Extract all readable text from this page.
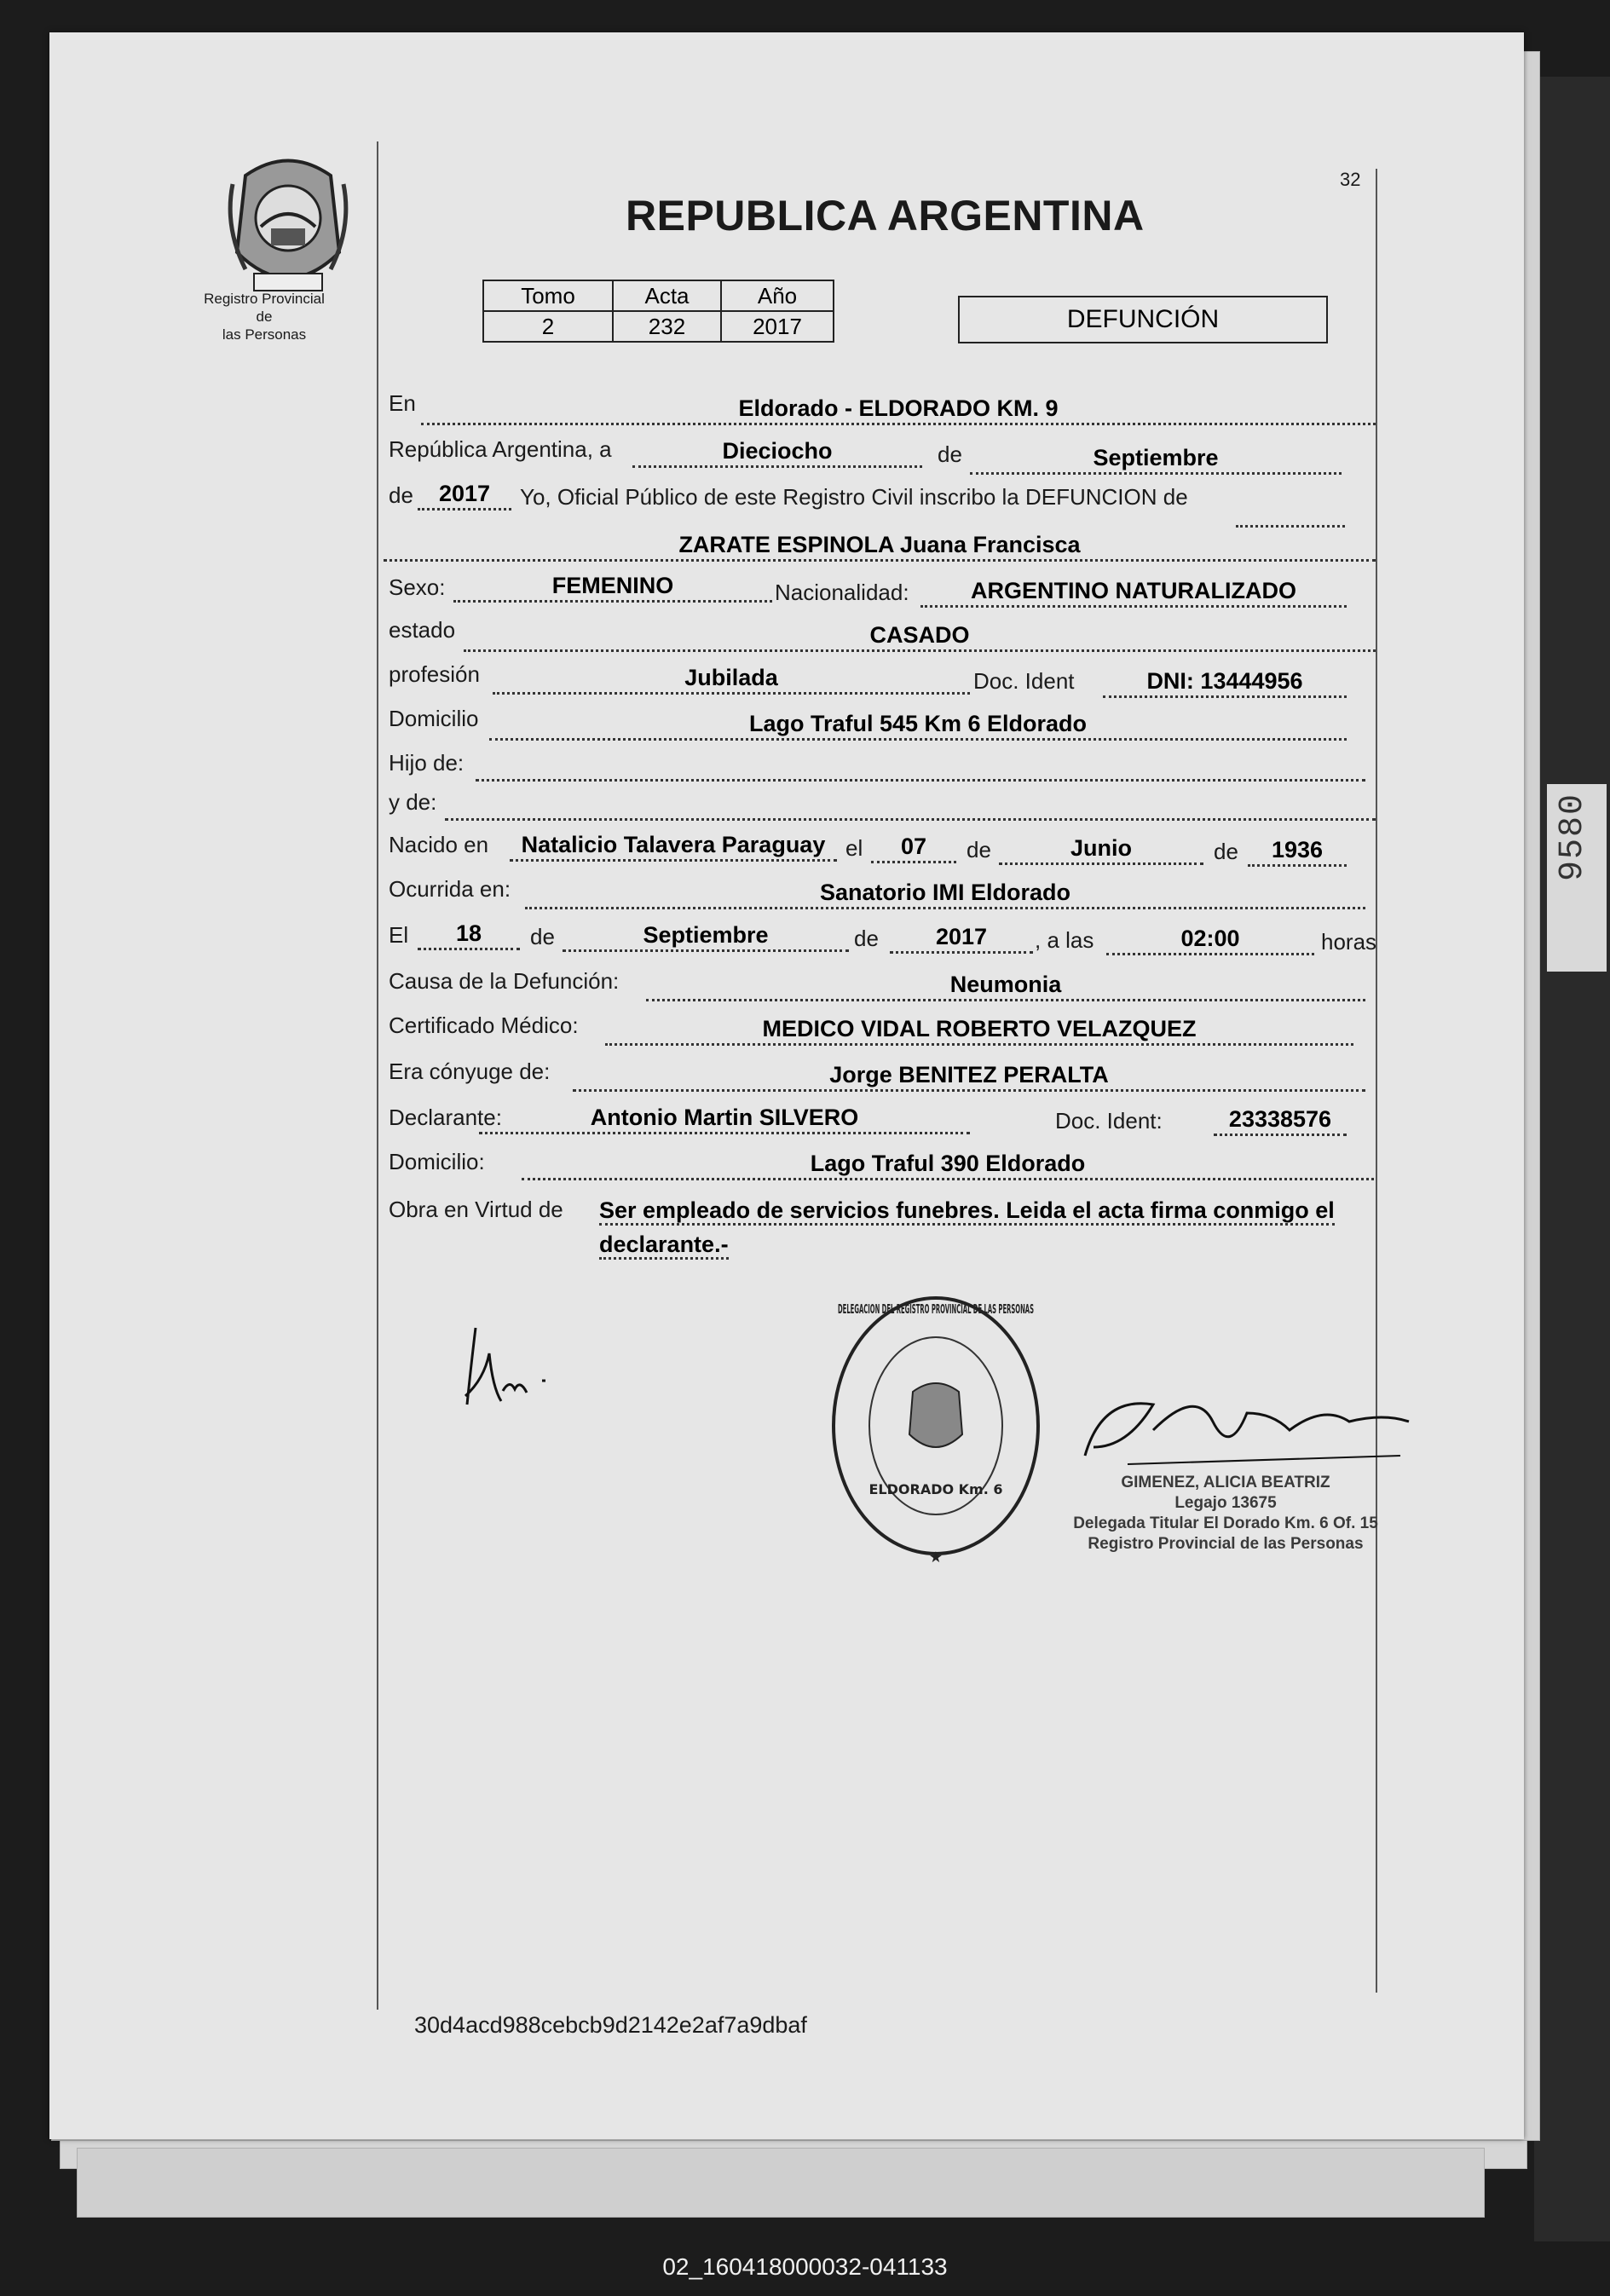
9580
32
Registro Provincial de
las Personas
REPUBLICA ARGENTINA
Tomo	Acta	Año
2	232	2017	DEFUNCIÓN
En	Eldorado - ELDORADO KM. 9
República Argentina, a	Dieciocho	de	Septiembre
de	2017	Yo, Oficial Público de este Registro Civil inscribo la DEFUNCION de
ZARATE ESPINOLA Juana Francisca
Sexo:	FEMENINO	Nacionalidad:	ARGENTINO NATURALIZADO
estado	CASADO
profesión	Jubilada	Doc. Ident	DNI: 13444956
Domicilio	Lago Traful 545 Km 6 Eldorado
Hijo de:
y de:
Nacido en	Natalicio Talavera Paraguay el	07	de	Junio	de	1936
Ocurrida en:	Sanatorio IMI Eldorado
El	18	de	Septiembre	de	2017	, a las	02:00	horas
Causa de la Defunción:	Neumonia
Certificado Médico:	MEDICO VIDAL ROBERTO VELAZQUEZ
Era cónyuge de:	Jorge BENITEZ PERALTA
Declarante:	Antonio Martin SILVERO	Doc. Ident:	23338576
Domicilio:	Lago Traful 390 Eldorado
Obra en Virtud de Ser empleado de servicios funebres. Leida el acta firma conmigo el declarante.-
DELEGACION DEL REGISTRO PROVINCIAL DE LAS PERSONAS
ELDORADO Km. 6
★
GIMENEZ, ALICIA BEATRIZ
Legajo 13675
Delegada Titular El Dorado Km. 6 Of. 15
Registro Provincial de las Personas
30d4acd988cebcb9d2142e2af7a9dbaf
02_160418000032-041133
